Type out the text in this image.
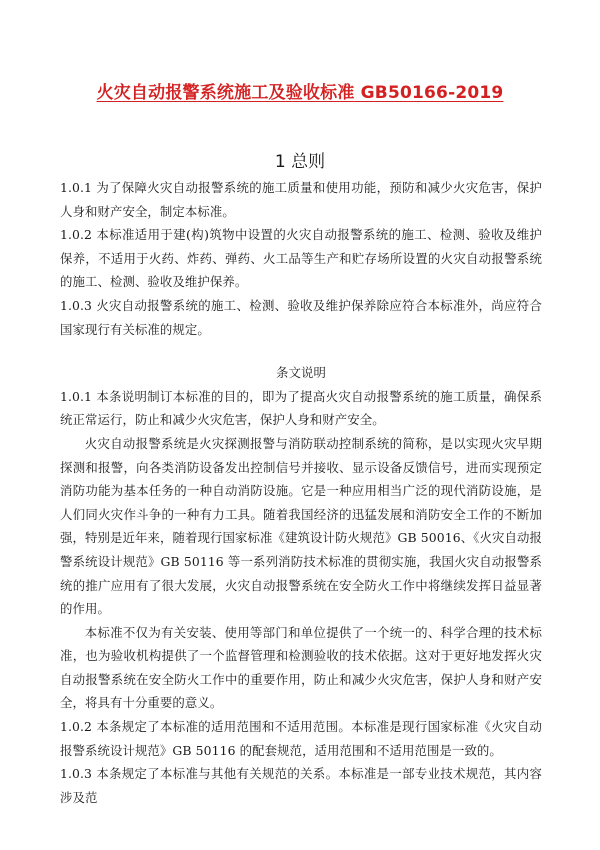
火灾自动报警系统施工及验收标准 GB50166-2019
1 总则

1.0.1 为了保障火灾自动报警系统的施工质量和使用功能，预防和减少火灾危害，保护人身和财产安全，制定本标准。

1.0.2 本标准适用于建(构)筑物中设置的火灾自动报警系统的施工、检测、验收及维护保养，不适用于火药、炸药、弹药、火工品等生产和贮存场所设置的火灾自动报警系统的施工、检测、验收及维护保养。

1.0.3 火灾自动报警系统的施工、检测、验收及维护保养除应符合本标准外，尚应符合国家现行有关标准的规定。

条文说明

1.0.1 本条说明制订本标准的目的，即为了提高火灾自动报警系统的施工质量，确保系统正常运行，防止和减少火灾危害，保护人身和财产安全。

火灾自动报警系统是火灾探测报警与消防联动控制系统的简称，是以实现火灾早期探测和报警，向各类消防设备发出控制信号并接收、显示设备反馈信号，进而实现预定消防功能为基本任务的一种自动消防设施。它是一种应用相当广泛的现代消防设施，是人们同火灾作斗争的一种有力工具。随着我国经济的迅猛发展和消防安全工作的不断加强，特别是近年来，随着现行国家标准《建筑设计防火规范》GB 50016、《火灾自动报警系统设计规范》GB 50116 等一系列消防技术标准的贯彻实施，我国火灾自动报警系统的推广应用有了很大发展，火灾自动报警系统在安全防火工作中将继续发挥日益显著的作用。

本标准不仅为有关安装、使用等部门和单位提供了一个统一的、科学合理的技术标准，也为验收机构提供了一个监督管理和检测验收的技术依据。这对于更好地发挥火灾自动报警系统在安全防火工作中的重要作用，防止和减少火灾危害，保护人身和财产安全，将具有十分重要的意义。

1.0.2 本条规定了本标准的适用范围和不适用范围。本标准是现行国家标准《火灾自动报警系统设计规范》GB 50116 的配套规范，适用范围和不适用范围是一致的。

1.0.3 本条规定了本标准与其他有关规范的关系。本标准是一部专业技术规范，其内容涉及范
